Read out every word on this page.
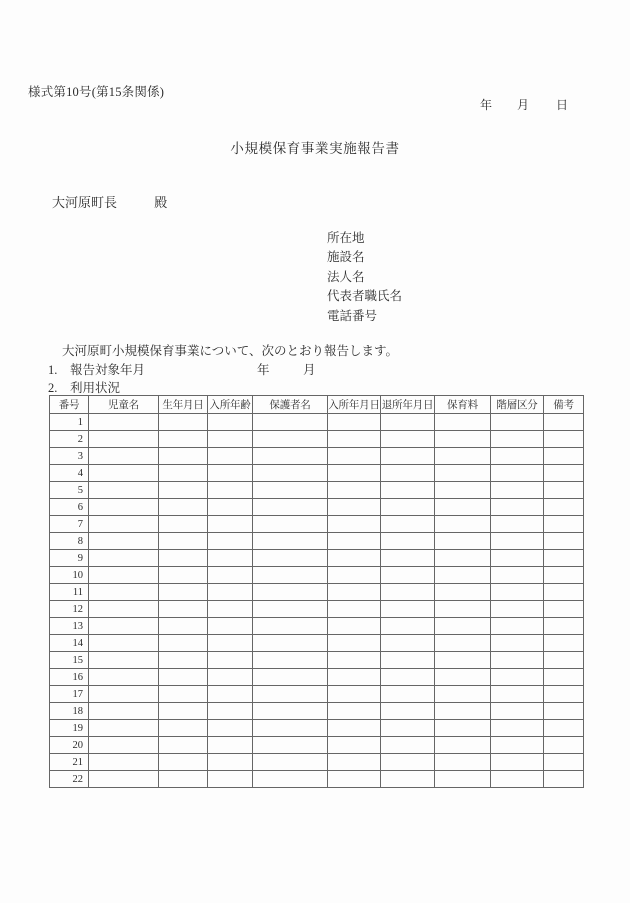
様式第10号(第15条関係)
年 月 日
小規模保育事業実施報告書
大河原町長	殿
所在地
施設名
法人名
代表者職氏名
電話番号
大河原町小規模保育事業について、次のとおり報告します。
1. 報告対象年月	年	月
2. 利用状況
番号	児童名	生年月日	入所年齢	保護者名	入所年月日	退所年月日	保育料	階層区分	備考
1									
2									
3									
4									
5									
6									
7									
8									
9									
10									
11									
12									
13									
14									
15									
16									
17									
18									
19									
20									
21									
22									
